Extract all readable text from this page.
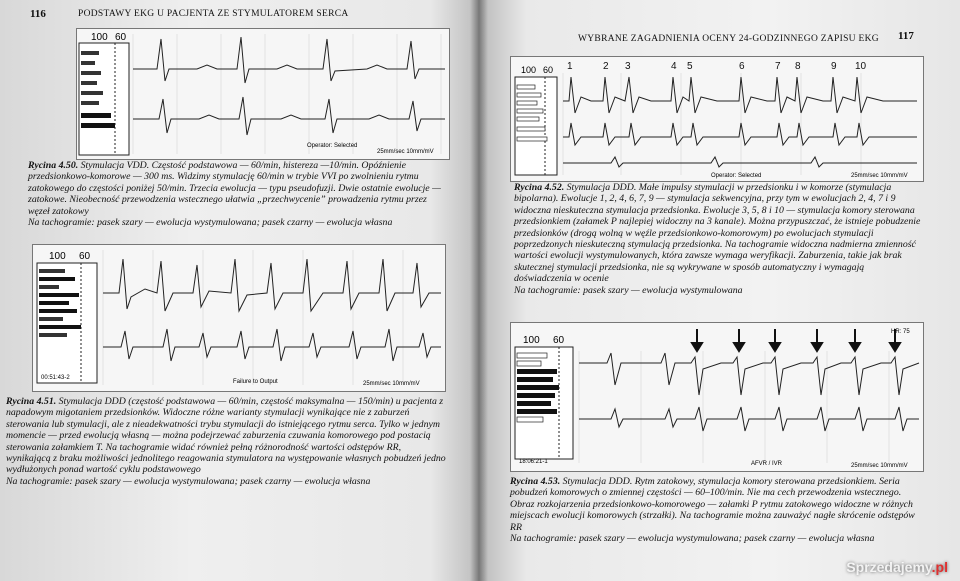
116	PODSTAWY EKG U PACJENTA ZE STYMULATOREM SERCA
100 60
Operator: Selected
25mm/sec 10mm/mV
Rycina 4.50. Stymulacja VDD. Częstość podstawowa — 60/min, histereza —10/min. Opóźnienie przedsionkowo-komorowe — 300 ms. Widzimy stymulację 60/min w trybie VVI po zwolnieniu rytmu zatokowego do częstości poniżej 50/min. Trzecia ewolucja — typu pseudofuzji. Dwie ostatnie ewolucje — zatokowe. Nieobecność przewodzenia wstecznego ułatwia „przechwycenie” prowadzenia rytmu przez węzeł zatokowy
Na tachogramie: pasek szary — ewolucja wystymulowana; pasek czarny — ewolucja własna
100 60
00:51:43-2
Failure to Output	25mm/sec 10mm/mV
Rycina 4.51. Stymulacja DDD (częstość podstawowa — 60/min, częstość maksymalna — 150/min) u pacjenta z napadowym migotaniem przedsionków. Widoczne różne warianty stymulacji wynikające nie z zaburzeń sterowania lub stymulacji, ale z nieadekwatności trybu stymulacji do istniejącego rytmu serca. Tylko w jednym momencie — przed ewolucją własną — można podejrzewać zaburzenia czuwania komorowego pod postacią sterowania załamkiem T. Na tachogramie widać również pełną różnorodność wartości odstępów RR, wynikającą z braku możliwości jednolitego reagowania stymulatora na występowanie własnych pobudzeń jedno wydłużonych ponad wartość cyklu podstawowego
Na tachogramie: pasek szary — ewolucja wystymulowana; pasek czarny — ewolucja własna
WYBRANE ZAGADNIENIA OCENY 24-GODZINNEGO ZAPISU EKG 117
100 60 1	2 3	4 5	6	7 8	9 10
Operator: Selected	25mm/sec 10mm/mV
Rycina 4.52. Stymulacja DDD. Małe impulsy stymulacji w przedsionku i w komorze (stymulacja bipolarna). Ewolucje 1, 2, 4, 6, 7, 9 — stymulacja sekwencyjna, przy tym w ewolucjach 2, 4, 7 i 9 widoczna nieskuteczna stymulacja przedsionka. Ewolucje 3, 5, 8 i 10 — stymulacja komory sterowana przedsionkiem (załamek P najlepiej widoczny na 3 kanale). Można przypuszczać, że istnieje pobudzenie przedsionków (drogą wolną w węźle przedsionkowo-komorowym) po ewolucjach stymulacji poprzedzonych nieskuteczną stymulacją przedsionka. Na tachogramie widoczna nadmierna zmienność wartości ewolucji wystymulowanych, która zawsze wymaga weryfikacji. Zaburzenia, takie jak brak skutecznej stymulacji przedsionka, nie są wykrywane w sposób automatyczny i wymagają doświadczenia w ocenie
Na tachogramie: pasek szary — ewolucja wystymulowana
100 60
HR: 75
18:06:21-1	AFVR / IVR	25mm/sec 10mm/mV
Rycina 4.53. Stymulacja DDD. Rytm zatokowy, stymulacja komory sterowana przedsionkiem. Seria pobudzeń komorowych o zmiennej częstości — 60–100/min. Nie ma cech przewodzenia wstecznego. Obraz rozkojarzenia przedsionkowo-komorowego — załamki P rytmu zatokowego widoczne w różnych miejscach ewolucji komorowych (strzałki). Na tachogramie można zauważyć nagłe skrócenie odstępów RR
Na tachogramie: pasek szary — ewolucja wystymulowana; pasek czarny — ewolucja własna
Sprzedajemy.pl
